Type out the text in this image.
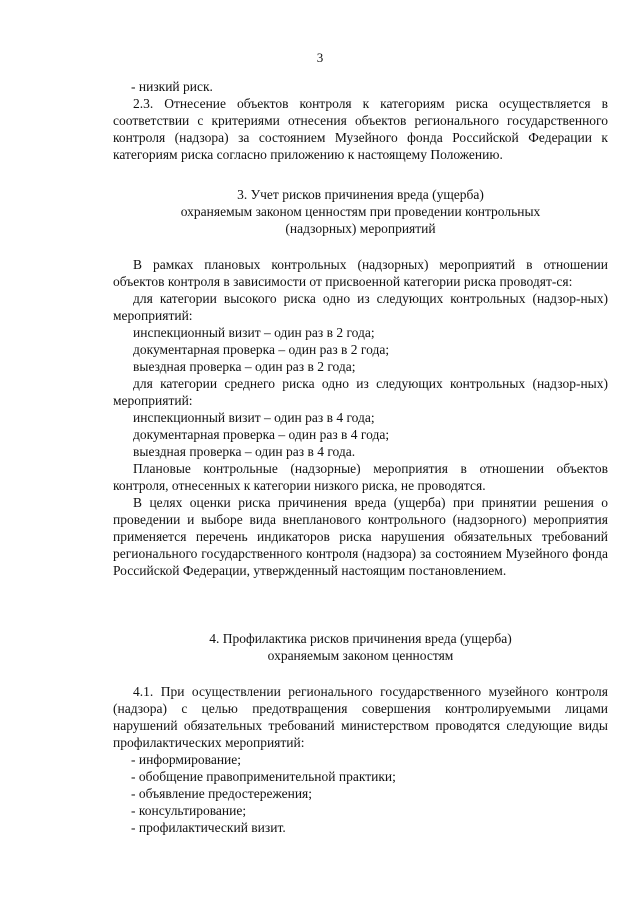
3

- низкий риск.

2.3. Отнесение объектов контроля к категориям риска осуществляется в соответствии с критериями отнесения объектов регионального государственного контроля (надзора) за состоянием Музейного фонда Российской Федерации к категориям риска согласно приложению к настоящему Положению.

3. Учет рисков причинения вреда (ущерба)

охраняемым законом ценностям при проведении контрольных

(надзорных) мероприятий

В рамках плановых контрольных (надзорных) мероприятий в отношении объектов контроля в зависимости от присвоенной категории риска проводят-ся:

для категории высокого риска одно из следующих контрольных (надзор-ных) мероприятий:

инспекционный визит – один раз в 2 года;
документарная проверка – один раз в 2 года;
выездная проверка – один раз в 2 года;

для категории среднего риска одно из следующих контрольных (надзор-ных) мероприятий:

инспекционный визит – один раз в 4 года;
документарная проверка – один раз в 4 года;
выездная проверка – один раз в 4 года.

Плановые контрольные (надзорные) мероприятия в отношении объектов контроля, отнесенных к категории низкого риска, не проводятся.

В целях оценки риска причинения вреда (ущерба) при принятии решения о проведении и выборе вида внепланового контрольного (надзорного) мероприятия применяется перечень индикаторов риска нарушения обязательных требований регионального государственного контроля (надзора) за состоянием Музейного фонда Российской Федерации, утвержденный настоящим постановлением.

4. Профилактика рисков причинения вреда (ущерба)

охраняемым законом ценностям

4.1. При осуществлении регионального государственного музейного контроля (надзора) с целью предотвращения совершения контролируемыми лицами нарушений обязательных требований министерством проводятся следующие виды профилактических мероприятий:

- информирование;
- обобщение правоприменительной практики;
- объявление предостережения;
- консультирование;
- профилактический визит.
